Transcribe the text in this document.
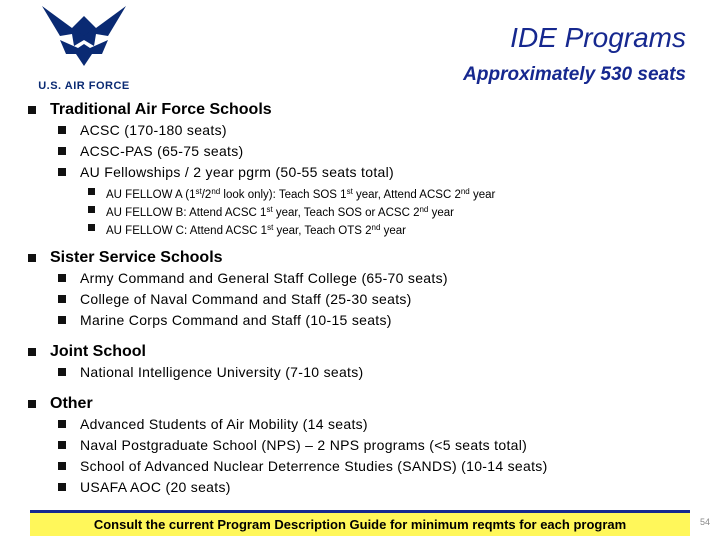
U.S. AIR FORCE
IDE Programs
Approximately 530 seats
Traditional Air Force Schools
ACSC (170-180 seats)
ACSC-PAS (65-75 seats)
AU Fellowships / 2 year pgrm (50-55 seats total)
AU FELLOW A (1st/2nd look only): Teach SOS 1st year, Attend ACSC 2nd year
AU FELLOW B: Attend ACSC 1st year, Teach SOS or ACSC 2nd year
AU FELLOW C: Attend ACSC 1st year, Teach OTS 2nd year
Sister Service Schools
Army Command and General Staff College (65-70 seats)
College of Naval Command and Staff (25-30 seats)
Marine Corps Command and Staff (10-15 seats)
Joint School
National Intelligence University (7-10 seats)
Other
Advanced Students of Air Mobility (14 seats)
Naval Postgraduate School (NPS) – 2 NPS programs (<5 seats total)
School of Advanced Nuclear Deterrence Studies (SANDS) (10-14 seats)
USAFA AOC (20 seats)
Consult the current Program Description Guide for minimum reqmts for each program	54
